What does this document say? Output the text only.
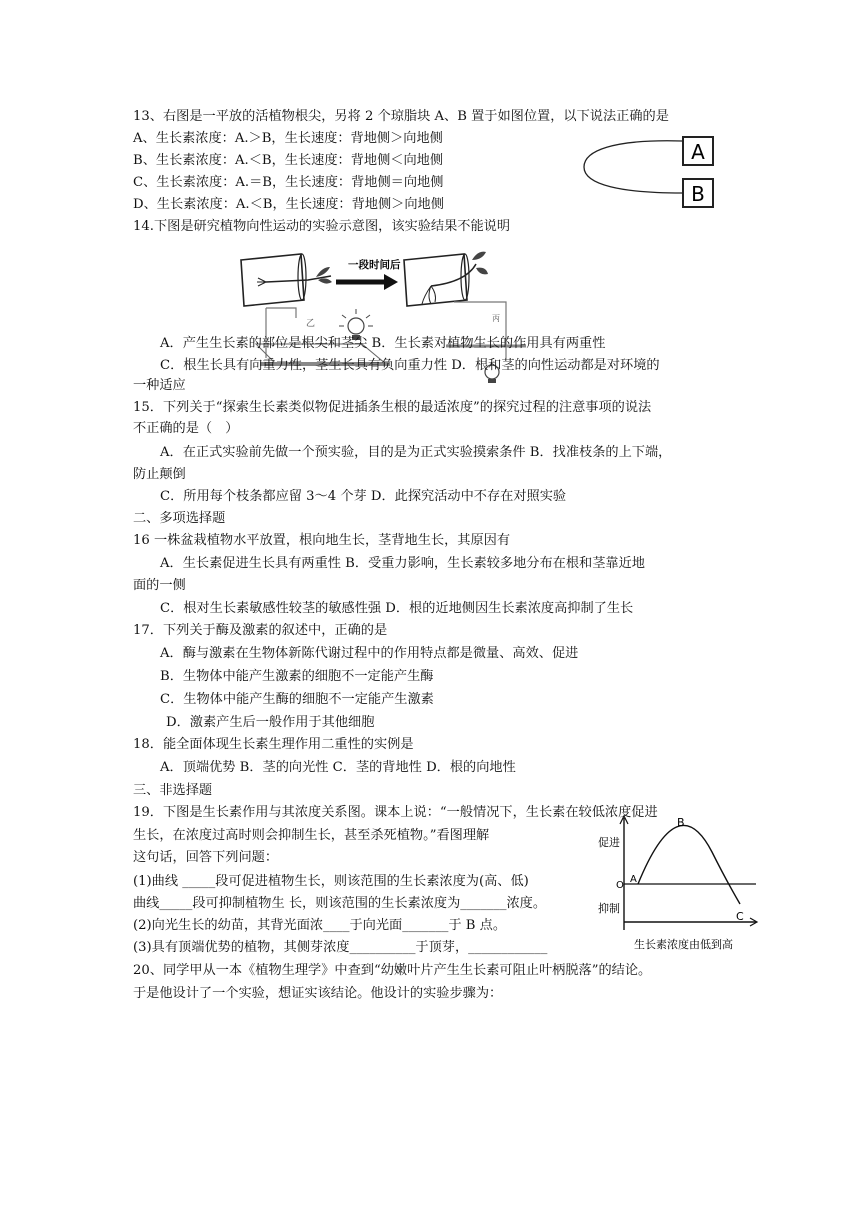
13、右图是一平放的活植物根尖，另将 2 个琼脂块 A、B 置于如图位置，以下说法正确的是
A、生长素浓度：A.＞B，生长速度：背地侧＞向地侧
B、生长素浓度：A.＜B，生长速度：背地侧＜向地侧
C、生长素浓度：A.＝B，生长速度：背地侧＝向地侧
D、生长素浓度：A.＜B，生长速度：背地侧＞向地侧
A
B
14.下图是研究植物向性运动的实验示意图，该实验结果不能说明
一段时间后
乙
丙
A．产生生长素的部位是根尖和茎尖 B．生长素对植物生长的作用具有两重性
C．根生长具有向重力性，茎生长具有负向重力性 D．根和茎的向性运动都是对环境的
一种适应
15．下列关于“探索生长素类似物促进插条生根的最适浓度”的探究过程的注意事项的说法
不正确的是（　）
A．在正式实验前先做一个预实验，目的是为正式实验摸索条件 B．找准枝条的上下端，
防止颠倒
C．所用每个枝条都应留 3～4 个芽 D．此探究活动中不存在对照实验
二、多项选择题
16 一株盆栽植物水平放置，根向地生长，茎背地生长，其原因有
A．生长素促进生长具有两重性 B．受重力影响，生长素较多地分布在根和茎靠近地
面的一侧
C．根对生长素敏感性较茎的敏感性强 D．根的近地侧因生长素浓度高抑制了生长
17．下列关于酶及激素的叙述中，正确的是
A．酶与激素在生物体新陈代谢过程中的作用特点都是微量、高效、促进
B．生物体中能产生激素的细胞不一定能产生酶
C．生物体中能产生酶的细胞不一定能产生激素
D．激素产生后一般作用于其他细胞
18．能全面体现生长素生理作用二重性的实例是
A．顶端优势 B．茎的向光性 C．茎的背地性 D．根的向地性
三、非选择题
19．下图是生长素作用与其浓度关系图。课本上说：“一般情况下，生长素在较低浓度促进
生长，在浓度过高时则会抑制生长，甚至杀死植物。”看图理解
这句话，回答下列问题：
(1)曲线 _____段可促进植物生长，则该范围的生长素浓度为(高、低)
曲线_____段可抑制植物生 长，则该范围的生长素浓度为_______浓度。
(2)向光生长的幼苗，其背光面浓____于向光面_______于 B 点。
(3)具有顶端优势的植物，其侧芽浓度__________于顶芽，____________
促进
抑制
O
A
B
C
生长素浓度由低到高
20、同学甲从一本《植物生理学》中查到“幼嫩叶片产生生长素可阻止叶柄脱落”的结论。
于是他设计了一个实验，想证实该结论。他设计的实验步骤为：
